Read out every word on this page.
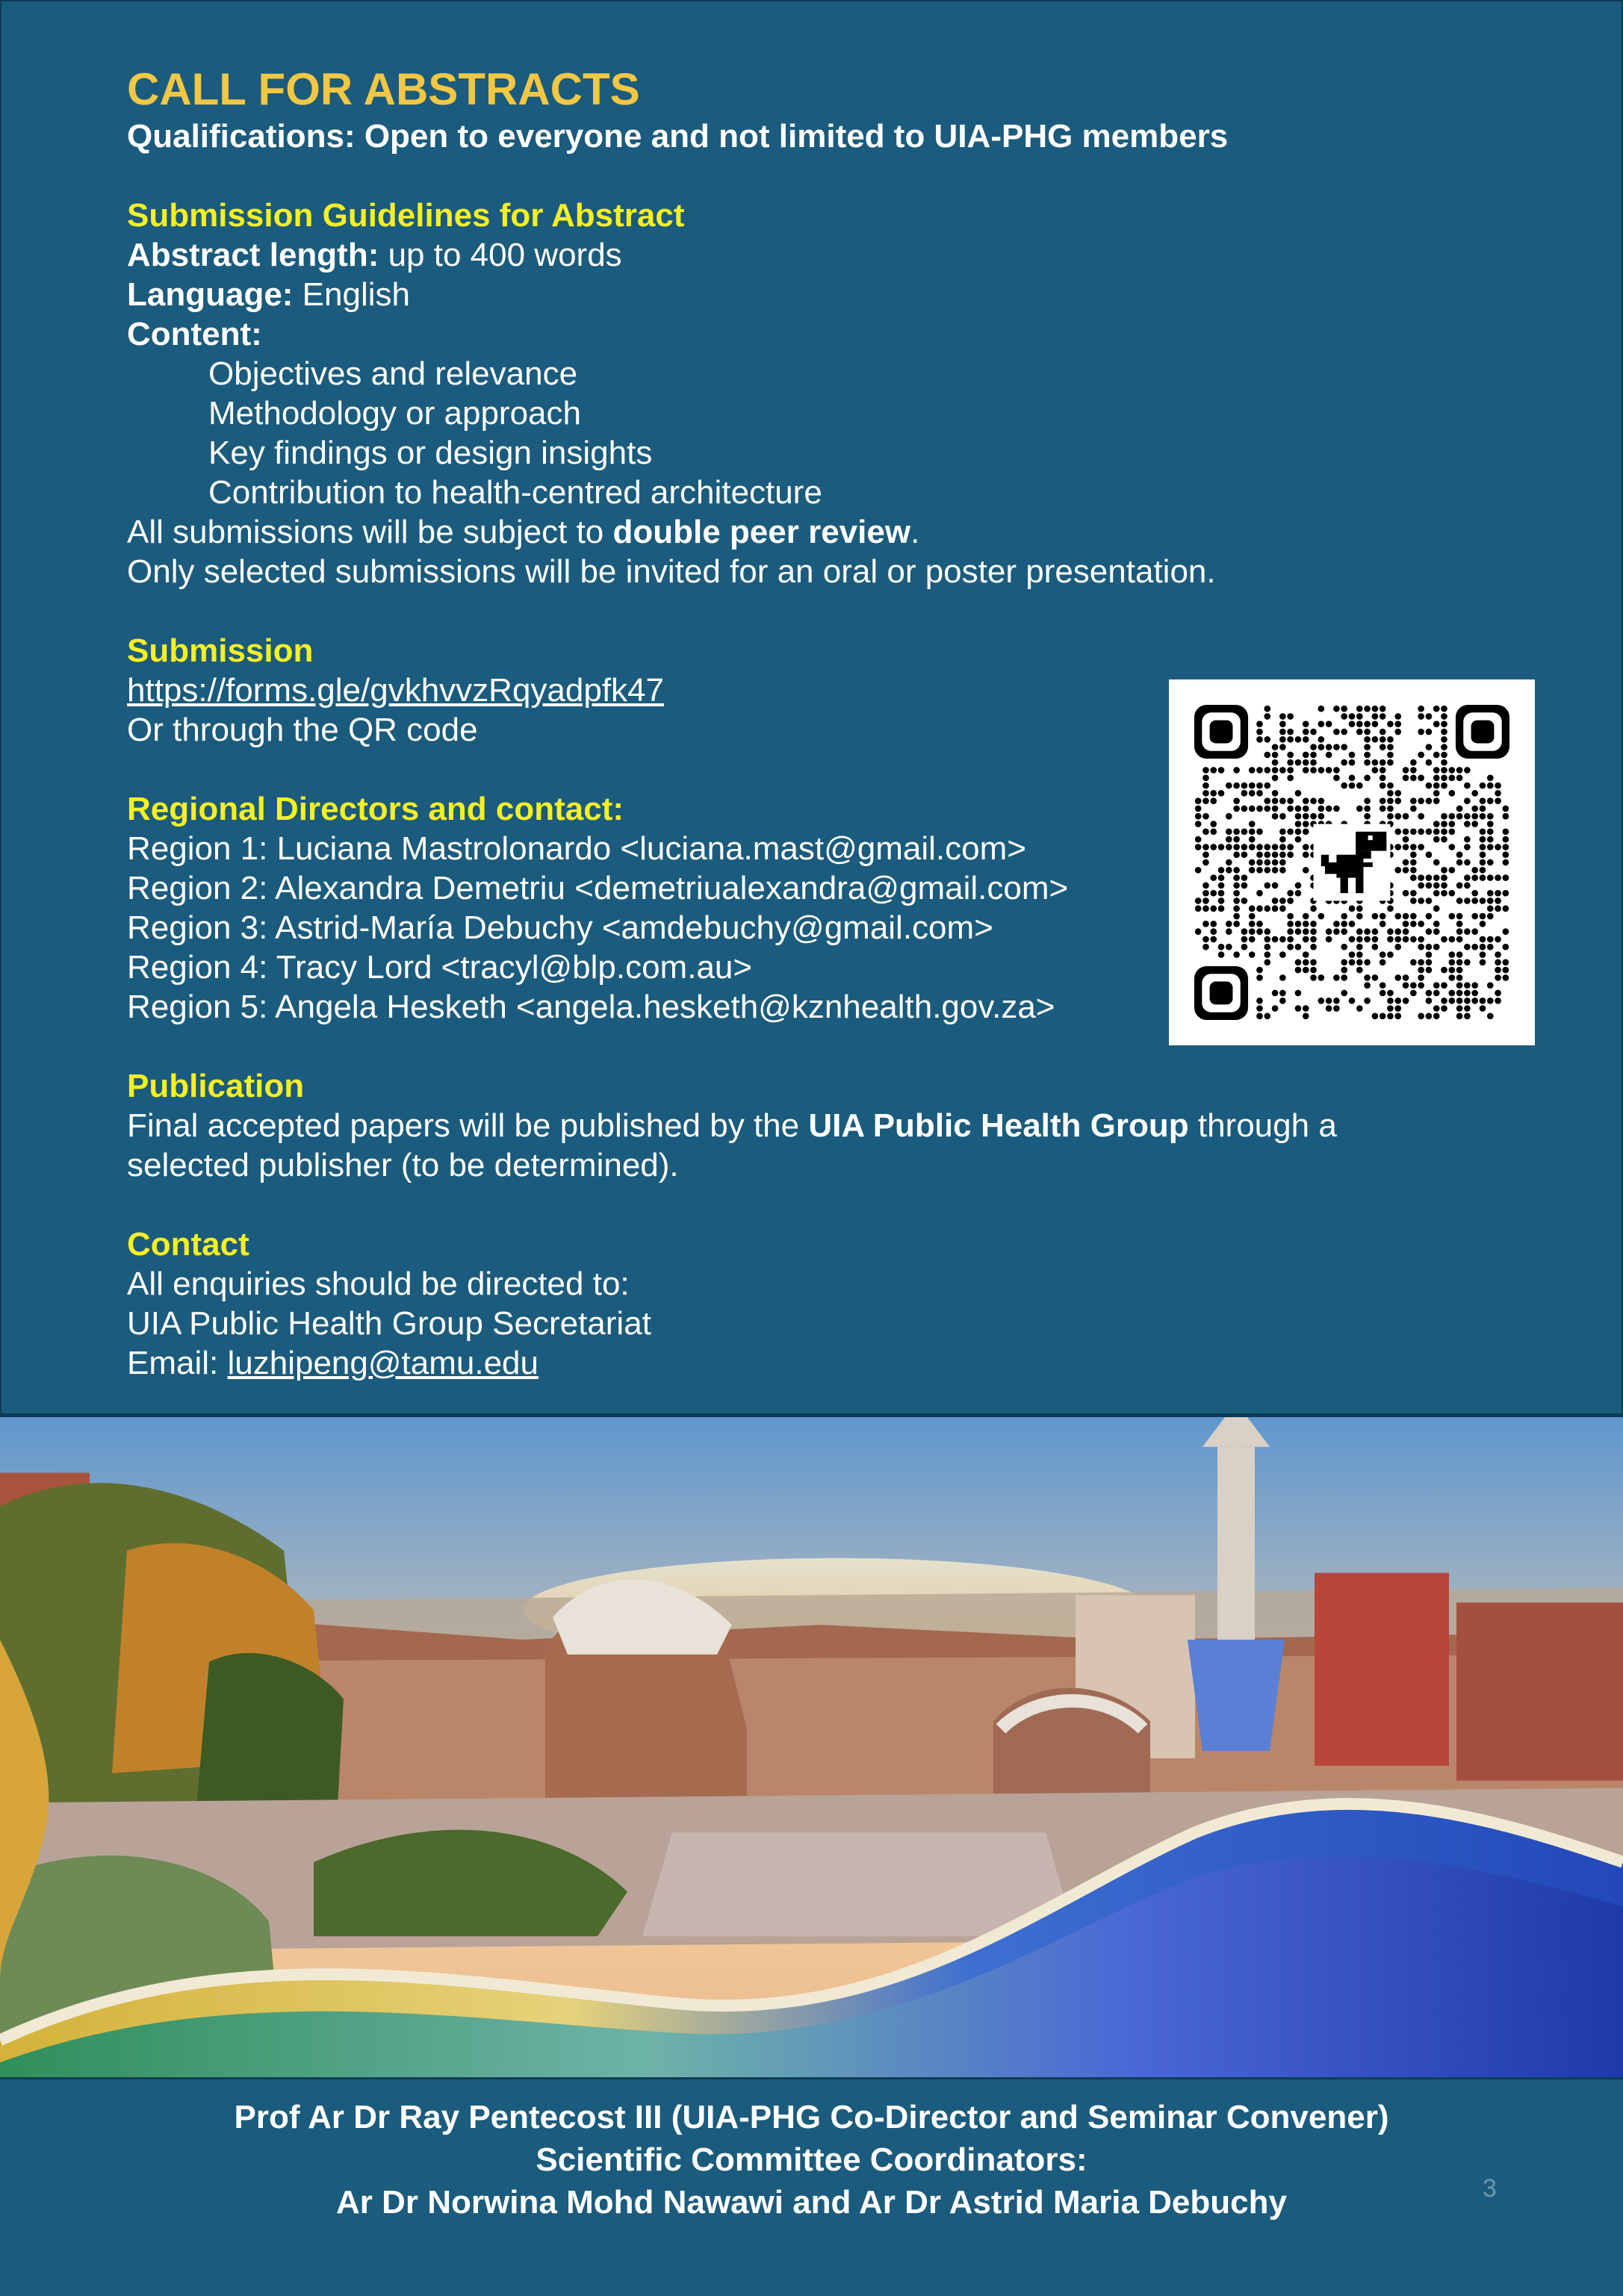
CALL FOR ABSTRACTS
Qualifications: Open to everyone and not limited to UIA-PHG members
Submission Guidelines for Abstract
Abstract length: up to 400 words
Language: English
Content:
Objectives and relevance
Methodology or approach
Key findings or design insights
Contribution to health-centred architecture
All submissions will be subject to double peer review.
Only selected submissions will be invited for an oral or poster presentation.
Submission
https://forms.gle/gvkhvvzRqyadpfk47
Or through the QR code
Regional Directors and contact:
Region 1: Luciana Mastrolonardo <luciana.mast@gmail.com>
Region 2: Alexandra Demetriu <demetriualexandra@gmail.com>
Region 3: Astrid-María Debuchy <amdebuchy@gmail.com>
Region 4: Tracy Lord <tracyl@blp.com.au>
Region 5: Angela Hesketh <angela.hesketh@kznhealth.gov.za>
Publication
Final accepted papers will be published by the UIA Public Health Group through a
selected publisher (to be determined).
Contact
All enquiries should be directed to:
UIA Public Health Group Secretariat
Email: luzhipeng@tamu.edu
Prof Ar Dr Ray Pentecost III (UIA-PHG Co-Director and Seminar Convener)
Scientific Committee Coordinators:
Ar Dr Norwina Mohd Nawawi and Ar Dr Astrid Maria Debuchy	3
